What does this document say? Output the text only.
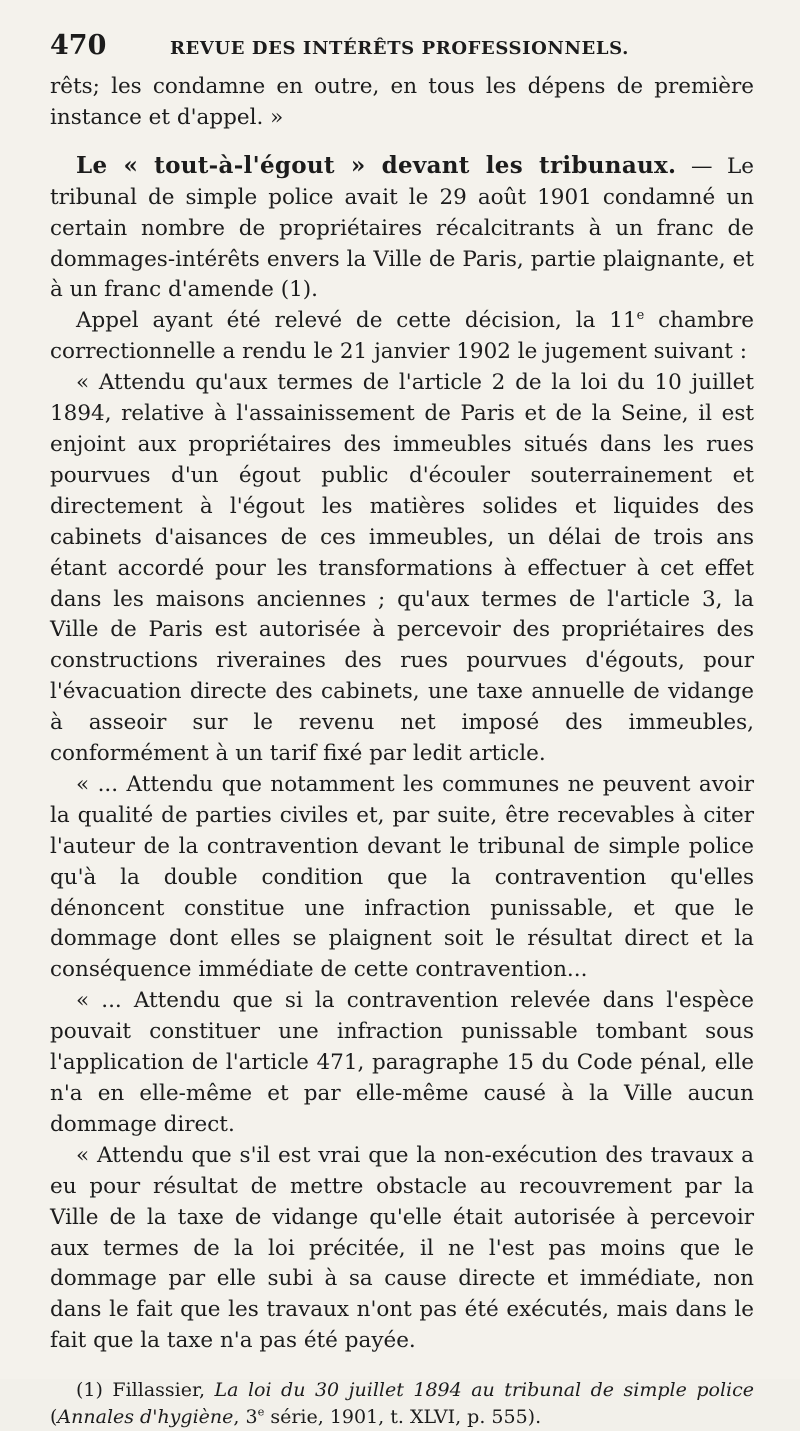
470	REVUE DES INTÉRÊTS PROFESSIONNELS.

rêts; les condamne en outre, en tous les dépens de première instance et d'appel. »

Le « tout-à-l'égout » devant les tribunaux. — Le tribunal de simple police avait le 29 août 1901 condamné un certain nombre de propriétaires récalcitrants à un franc de dommages-intérêts envers la Ville de Paris, partie plaignante, et à un franc d'amende (1).

Appel ayant été relevé de cette décision, la 11e chambre correctionnelle a rendu le 21 janvier 1902 le jugement suivant :

« Attendu qu'aux termes de l'article 2 de la loi du 10 juillet 1894, relative à l'assainissement de Paris et de la Seine, il est enjoint aux propriétaires des immeubles situés dans les rues pourvues d'un égout public d'écouler souterrainement et directement à l'égout les matières solides et liquides des cabinets d'aisances de ces immeubles, un délai de trois ans étant accordé pour les transformations à effectuer à cet effet dans les maisons anciennes ; qu'aux termes de l'article 3, la Ville de Paris est autorisée à percevoir des propriétaires des constructions riveraines des rues pourvues d'égouts, pour l'évacuation directe des cabinets, une taxe annuelle de vidange à asseoir sur le revenu net imposé des immeubles, conformément à un tarif fixé par ledit article.

« ... Attendu que notamment les communes ne peuvent avoir la qualité de parties civiles et, par suite, être recevables à citer l'auteur de la contravention devant le tribunal de simple police qu'à la double condition que la contravention qu'elles dénoncent constitue une infraction punissable, et que le dommage dont elles se plaignent soit le résultat direct et la conséquence immédiate de cette contravention...

« ... Attendu que si la contravention relevée dans l'espèce pouvait constituer une infraction punissable tombant sous l'application de l'article 471, paragraphe 15 du Code pénal, elle n'a en elle-même et par elle-même causé à la Ville aucun dommage direct.

« Attendu que s'il est vrai que la non-exécution des travaux a eu pour résultat de mettre obstacle au recouvrement par la Ville de la taxe de vidange qu'elle était autorisée à percevoir aux termes de la loi précitée, il ne l'est pas moins que le dommage par elle subi à sa cause directe et immédiate, non dans le fait que les travaux n'ont pas été exécutés, mais dans le fait que la taxe n'a pas été payée.

(1) Fillassier, La loi du 30 juillet 1894 au tribunal de simple police (Annales d'hygiène, 3e série, 1901, t. XLVI, p. 555).
